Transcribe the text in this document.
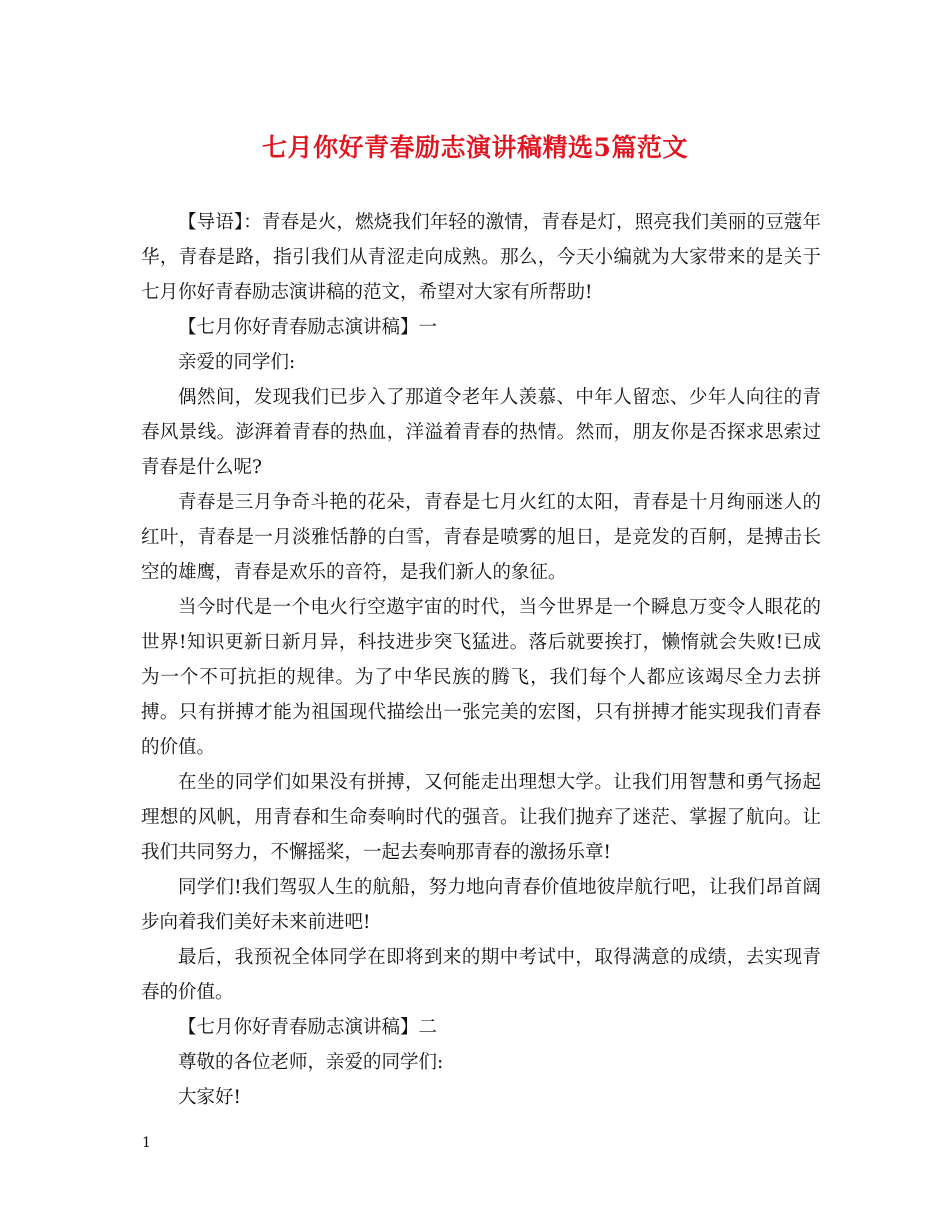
七月你好青春励志演讲稿精选5篇范文

【导语】：青春是火，燃烧我们年轻的激情，青春是灯，照亮我们美丽的豆蔻年华，青春是路，指引我们从青涩走向成熟。那么，今天小编就为大家带来的是关于七月你好青春励志演讲稿的范文，希望对大家有所帮助!

【七月你好青春励志演讲稿】一

亲爱的同学们:

偶然间，发现我们已步入了那道令老年人羡慕、中年人留恋、少年人向往的青春风景线。澎湃着青春的热血，洋溢着青春的热情。然而，朋友你是否探求思索过青春是什么呢?

青春是三月争奇斗艳的花朵，青春是七月火红的太阳，青春是十月绚丽迷人的红叶，青春是一月淡雅恬静的白雪，青春是喷雾的旭日，是竞发的百舸，是搏击长空的雄鹰，青春是欢乐的音符，是我们新人的象征。

当今时代是一个电火行空遨宇宙的时代，当今世界是一个瞬息万变令人眼花的世界!知识更新日新月异，科技进步突飞猛进。落后就要挨打，懒惰就会失败!已成为一个不可抗拒的规律。为了中华民族的腾飞，我们每个人都应该竭尽全力去拼搏。只有拼搏才能为祖国现代描绘出一张完美的宏图，只有拼搏才能实现我们青春的价值。

在坐的同学们如果没有拼搏，又何能走出理想大学。让我们用智慧和勇气扬起理想的风帆，用青春和生命奏响时代的强音。让我们抛弃了迷茫、掌握了航向。让我们共同努力，不懈摇桨，一起去奏响那青春的激扬乐章!

同学们!我们驾驭人生的航船，努力地向青春价值地彼岸航行吧，让我们昂首阔步向着我们美好未来前进吧!

最后，我预祝全体同学在即将到来的期中考试中，取得满意的成绩，去实现青春的价值。

【七月你好青春励志演讲稿】二

尊敬的各位老师，亲爱的同学们:

大家好!

1
